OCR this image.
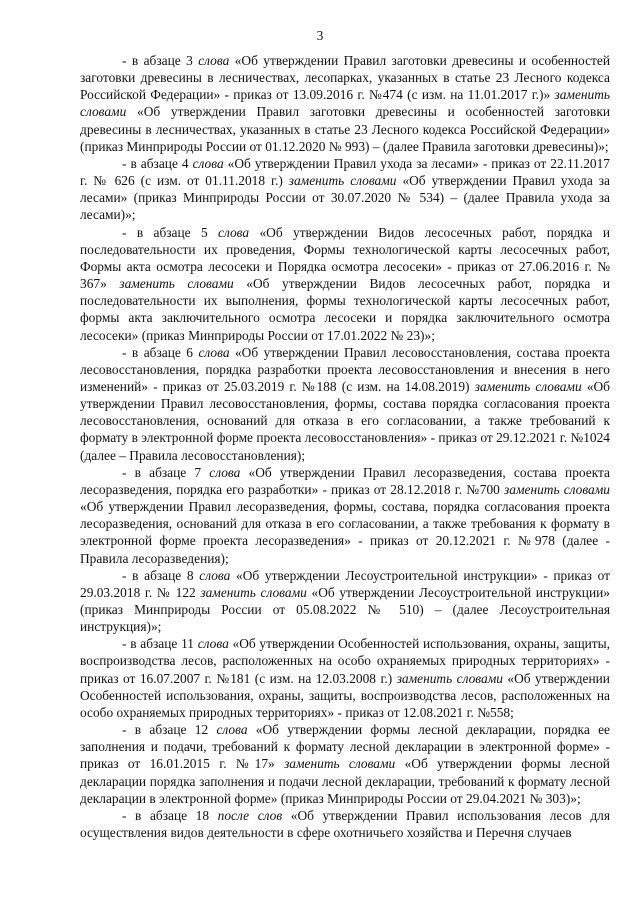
3

- в абзаце 3 слова «Об утверждении Правил заготовки древесины и особенностей заготовки древесины в лесничествах, лесопарках, указанных в статье 23 Лесного кодекса Российской Федерации» - приказ от 13.09.2016 г. №474 (с изм. на 11.01.2017 г.)» заменить словами «Об утверждении Правил заготовки древесины и особенностей заготовки древесины в лесничествах, указанных в статье 23 Лесного кодекса Российской Федерации» (приказ Минприроды России от 01.12.2020 № 993) – (далее Правила заготовки древесины)»;

- в абзаце 4 слова «Об утверждении Правил ухода за лесами» - приказ от 22.11.2017 г. № 626 (с изм. от 01.11.2018 г.) заменить словами «Об утверждении Правил ухода за лесами» (приказ Минприроды России от 30.07.2020 № 534) – (далее Правила ухода за лесами)»;

- в абзаце 5 слова «Об утверждении Видов лесосечных работ, порядка и последовательности их проведения, Формы технологической карты лесосечных работ, Формы акта осмотра лесосеки и Порядка осмотра лесосеки» - приказ от 27.06.2016 г. № 367» заменить словами «Об утверждении Видов лесосечных работ, порядка и последовательности их выполнения, формы технологической карты лесосечных работ, формы акта заключительного осмотра лесосеки и порядка заключительного осмотра лесосеки» (приказ Минприроды России от 17.01.2022 № 23)»;

- в абзаце 6 слова «Об утверждении Правил лесовосстановления, состава проекта лесовосстановления, порядка разработки проекта лесовосстановления и внесения в него изменений» - приказ от 25.03.2019 г. №188 (с изм. на 14.08.2019) заменить словами «Об утверждении Правил лесовосстановления, формы, состава порядка согласования проекта лесовосстановления, оснований для отказа в его согласовании, а также требований к формату в электронной форме проекта лесовосстановления» - приказ от 29.12.2021 г. №1024 (далее – Правила лесовосстановления);

- в абзаце 7 слова «Об утверждении Правил лесоразведения, состава проекта лесоразведения, порядка его разработки» - приказ от 28.12.2018 г. №700 заменить словами «Об утверждении Правил лесоразведения, формы, состава, порядка согласования проекта лесоразведения, оснований для отказа в его согласовании, а также требования к формату в электронной форме проекта лесоразведения» - приказ от 20.12.2021 г. №978 (далее - Правила лесоразведения);

- в абзаце 8 слова «Об утверждении Лесоустроительной инструкции» - приказ от 29.03.2018 г. № 122 заменить словами «Об утверждении Лесоустроительной инструкции» (приказ Минприроды России от 05.08.2022 № 510) – (далее Лесоустроительная инструкция)»;

- в абзаце 11 слова «Об утверждении Особенностей использования, охраны, защиты, воспроизводства лесов, расположенных на особо охраняемых природных территориях» - приказ от 16.07.2007 г. №181 (с изм. на 12.03.2008 г.) заменить словами «Об утверждении Особенностей использования, охраны, защиты, воспроизводства лесов, расположенных на особо охраняемых природных территориях» - приказ от 12.08.2021 г. №558;

- в абзаце 12 слова «Об утверждении формы лесной декларации, порядка ее заполнения и подачи, требований к формату лесной декларации в электронной форме» - приказ от 16.01.2015 г. №17» заменить словами «Об утверждении формы лесной декларации порядка заполнения и подачи лесной декларации, требований к формату лесной декларации в электронной форме» (приказ Минприроды России от 29.04.2021 № 303)»;

- в абзаце 18 после слов «Об утверждении Правил использования лесов для осуществления видов деятельности в сфере охотничьего хозяйства и Перечня случаев
